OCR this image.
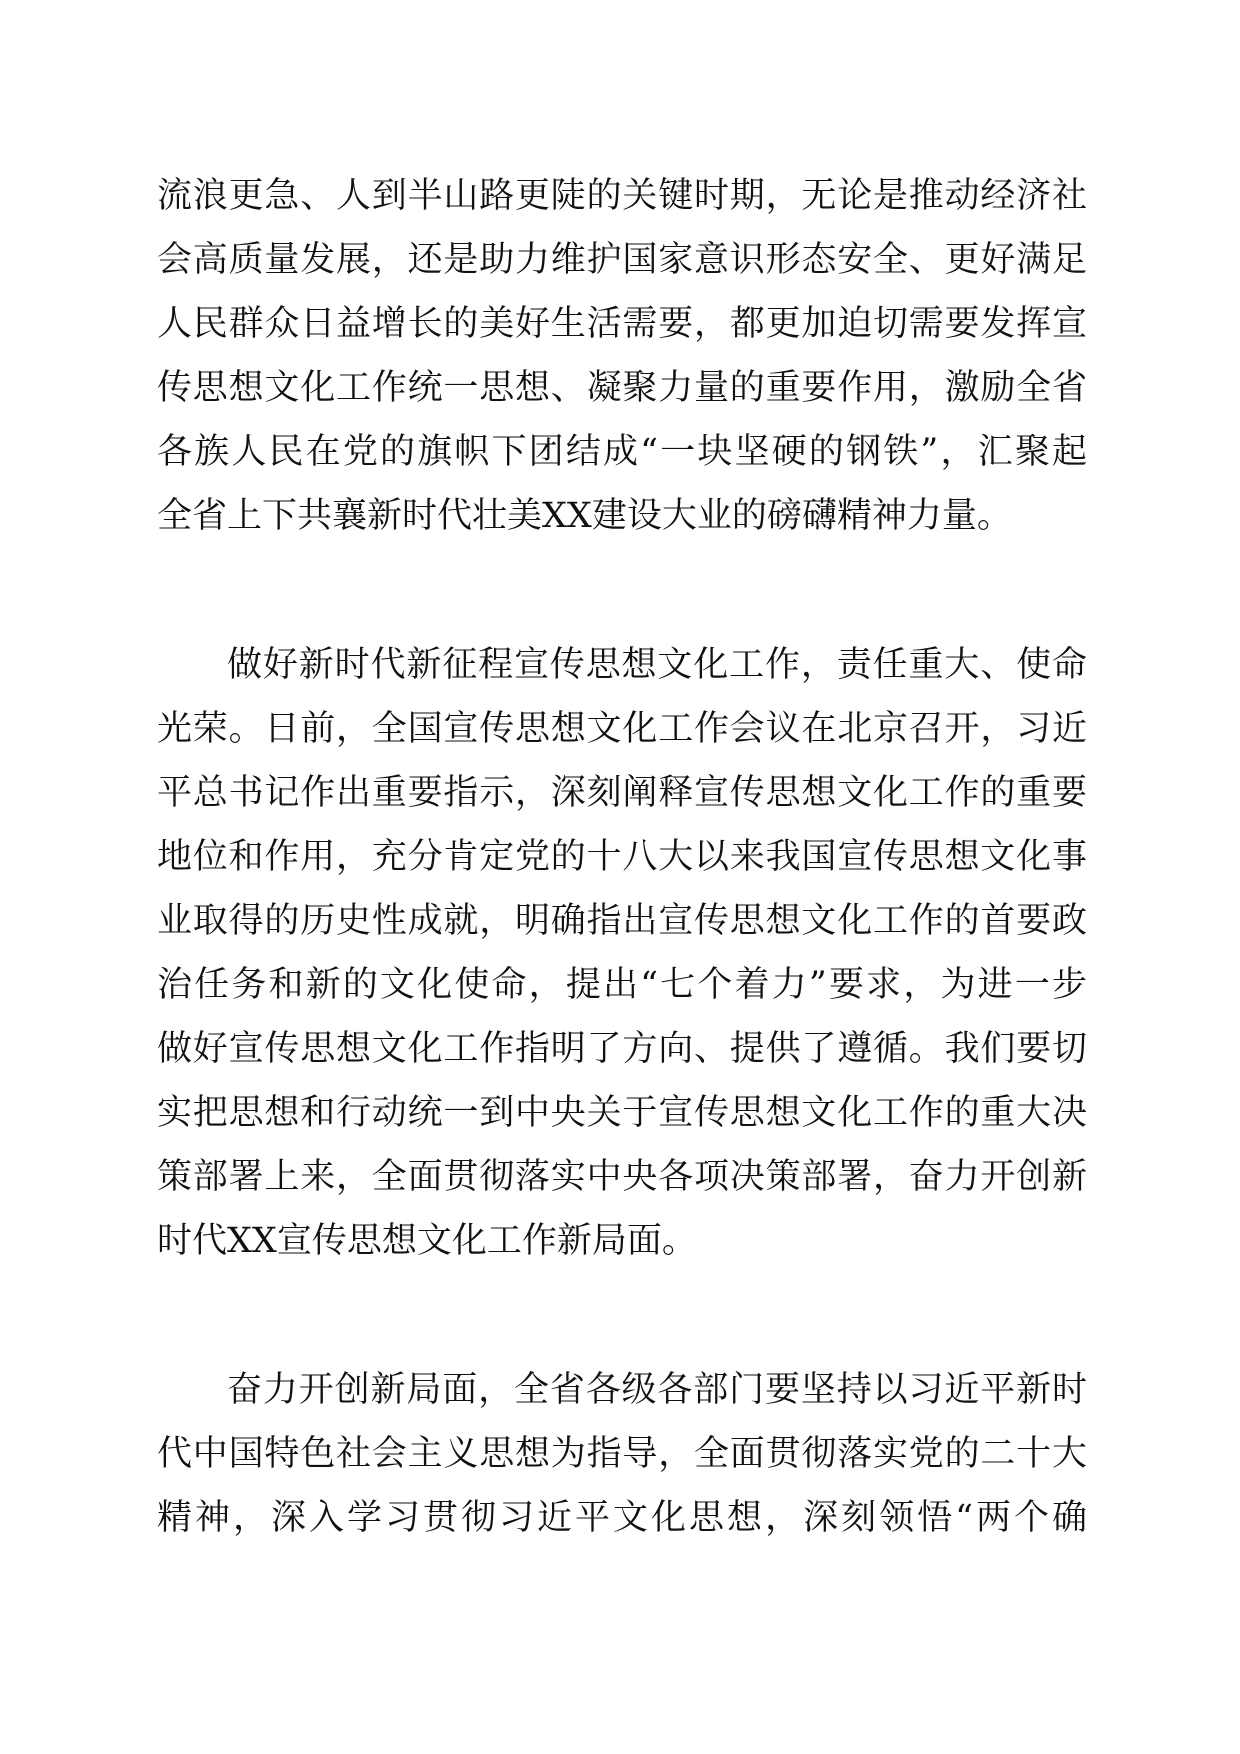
流浪更急、人到半山路更陡的关键时期，无论是推动经济社
会高质量发展，还是助力维护国家意识形态安全、更好满足
人民群众日益增长的美好生活需要，都更加迫切需要发挥宣
传思想文化工作统一思想、凝聚力量的重要作用，激励全省
各族人民在党的旗帜下团结成“一块坚硬的钢铁”，汇聚起
全省上下共襄新时代壮美XX建设大业的磅礴精神力量。
做好新时代新征程宣传思想文化工作，责任重大、使命
光荣。日前，全国宣传思想文化工作会议在北京召开，习近
平总书记作出重要指示，深刻阐释宣传思想文化工作的重要
地位和作用，充分肯定党的十八大以来我国宣传思想文化事
业取得的历史性成就，明确指出宣传思想文化工作的首要政
治任务和新的文化使命，提出“七个着力”要求，为进一步
做好宣传思想文化工作指明了方向、提供了遵循。我们要切
实把思想和行动统一到中央关于宣传思想文化工作的重大决
策部署上来，全面贯彻落实中央各项决策部署，奋力开创新
时代XX宣传思想文化工作新局面。
奋力开创新局面，全省各级各部门要坚持以习近平新时
代中国特色社会主义思想为指导，全面贯彻落实党的二十大
精神，深入学习贯彻习近平文化思想，深刻领悟“两个确
